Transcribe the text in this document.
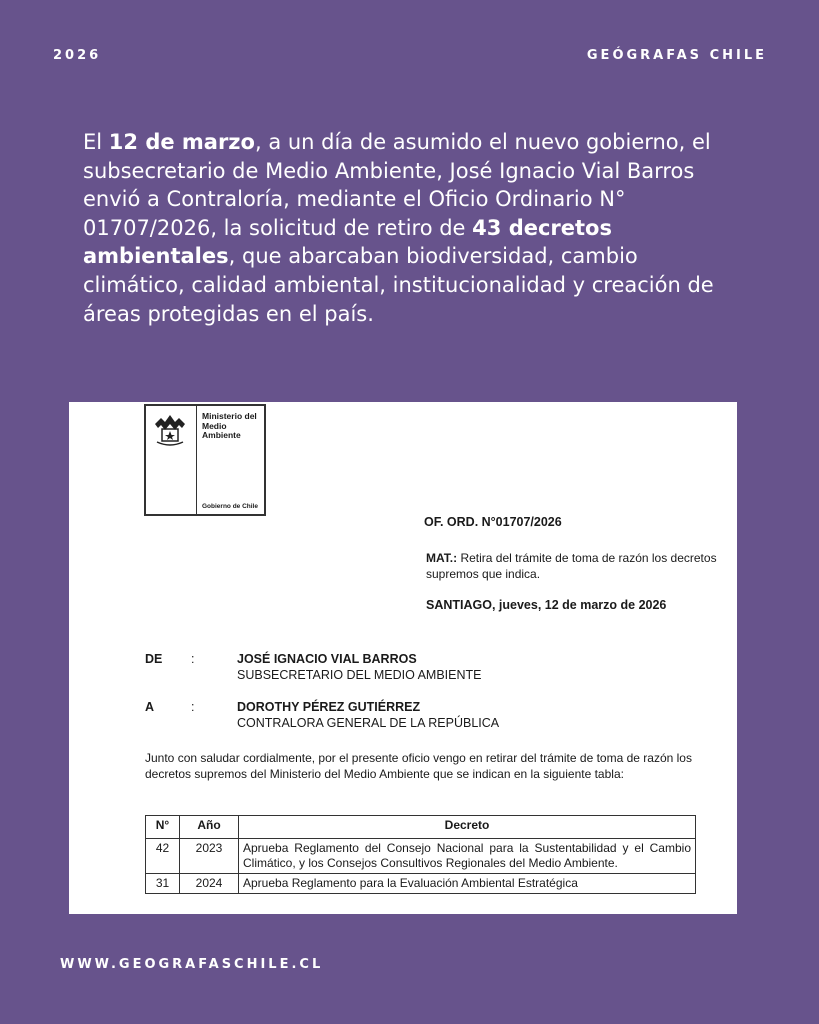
2026	GEÓGRAFAS CHILE

El 12 de marzo, a un día de asumido el nuevo gobierno, el subsecretario de Medio Ambiente, José Ignacio Vial Barros envió a Contraloría, mediante el Oficio Ordinario N° 01707/2026, la solicitud de retiro de 43 decretos ambientales, que abarcaban biodiversidad, cambio climático, calidad ambiental, institucionalidad y creación de áreas protegidas en el país.

Ministerio del
Medio
Ambiente
Gobierno de Chile
OF. ORD. N°01707/2026
MAT.: Retira del trámite de toma de razón los decretos supremos que indica.
SANTIAGO, jueves, 12 de marzo de 2026
DE :	JOSÉ IGNACIO VIAL BARROS
SUBSECRETARIO DEL MEDIO AMBIENTE
A	:	DOROTHY PÉREZ GUTIÉRREZ
CONTRALORA GENERAL DE LA REPÚBLICA
Junto con saludar cordialmente, por el presente oficio vengo en retirar del trámite de toma de razón los decretos supremos del Ministerio del Medio Ambiente que se indican en la siguiente tabla:
N°	Año	Decreto
42	2023	Aprueba Reglamento del Consejo Nacional para la Sustentabilidad y el Cambio Climático, y los Consejos Consultivos Regionales del Medio Ambiente.
31	2024	Aprueba Reglamento para la Evaluación Ambiental Estratégica
WWW.GEOGRAFASCHILE.CL
